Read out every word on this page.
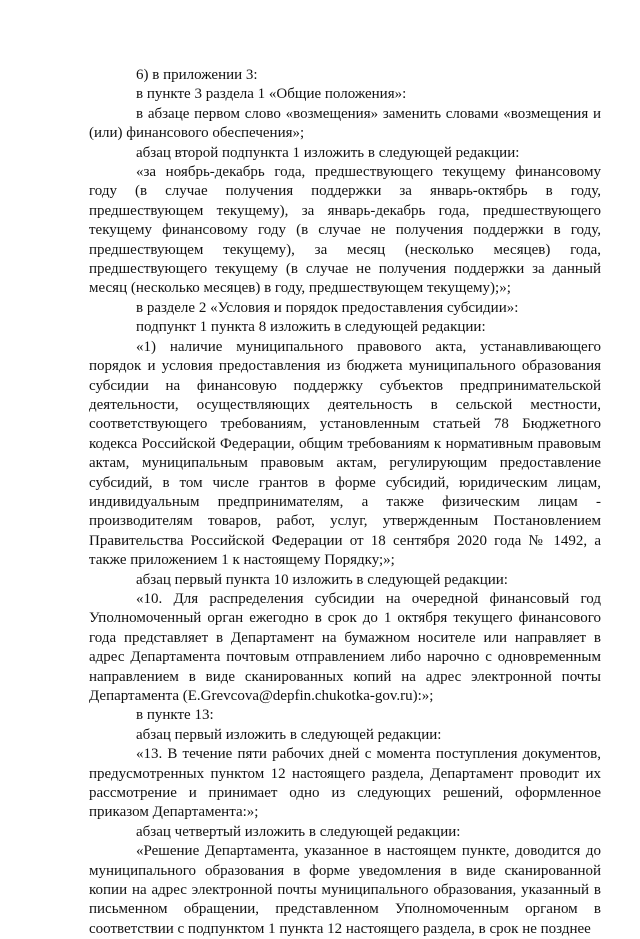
6) в приложении 3:

в пункте 3 раздела 1 «Общие положения»:

в абзаце первом слово «возмещения» заменить словами «возмещения и (или) финансового обеспечения»;

абзац второй подпункта 1 изложить в следующей редакции:

«за ноябрь-декабрь года, предшествующего текущему финансовому году (в случае получения поддержки за январь-октябрь в году, предшествующем текущему), за январь-декабрь года, предшествующего текущему финансовому году (в случае не получения поддержки в году, предшествующем текущему), за месяц (несколько месяцев) года, предшествующего текущему (в случае не получения поддержки за данный месяц (несколько месяцев) в году, предшествующем текущему);»;

в разделе 2 «Условия и порядок предоставления субсидии»:

подпункт 1 пункта 8 изложить в следующей редакции:

«1) наличие муниципального правового акта, устанавливающего порядок и условия предоставления из бюджета муниципального образования субсидии на финансовую поддержку субъектов предпринимательской деятельности, осуществляющих деятельность в сельской местности, соответствующего требованиям, установленным статьей 78 Бюджетного кодекса Российской Федерации, общим требованиям к нормативным правовым актам, муниципальным правовым актам, регулирующим предоставление субсидий, в том числе грантов в форме субсидий, юридическим лицам, индивидуальным предпринимателям, а также физическим лицам - производителям товаров, работ, услуг, утвержденным Постановлением Правительства Российской Федерации от 18 сентября 2020 года № 1492, а также приложением 1 к настоящему Порядку;»;

абзац первый пункта 10 изложить в следующей редакции:

«10. Для распределения субсидии на очередной финансовый год Уполномоченный орган ежегодно в срок до 1 октября текущего финансового года представляет в Департамент на бумажном носителе или направляет в адрес Департамента почтовым отправлением либо нарочно с одновременным направлением в виде сканированных копий на адрес электронной почты Департамента (E.Grevcova@depfin.chukotka-gov.ru):»;

в пункте 13:

абзац первый изложить в следующей редакции:

«13. В течение пяти рабочих дней с момента поступления документов, предусмотренных пунктом 12 настоящего раздела, Департамент проводит их рассмотрение и принимает одно из следующих решений, оформленное приказом Департамента:»;

абзац четвертый изложить в следующей редакции:

«Решение Департамента, указанное в настоящем пункте, доводится до муниципального образования в форме уведомления в виде сканированной копии на адрес электронной почты муниципального образования, указанный в письменном обращении, представленном Уполномоченным органом в соответствии с подпунктом 1 пункта 12 настоящего раздела, в срок не позднее
